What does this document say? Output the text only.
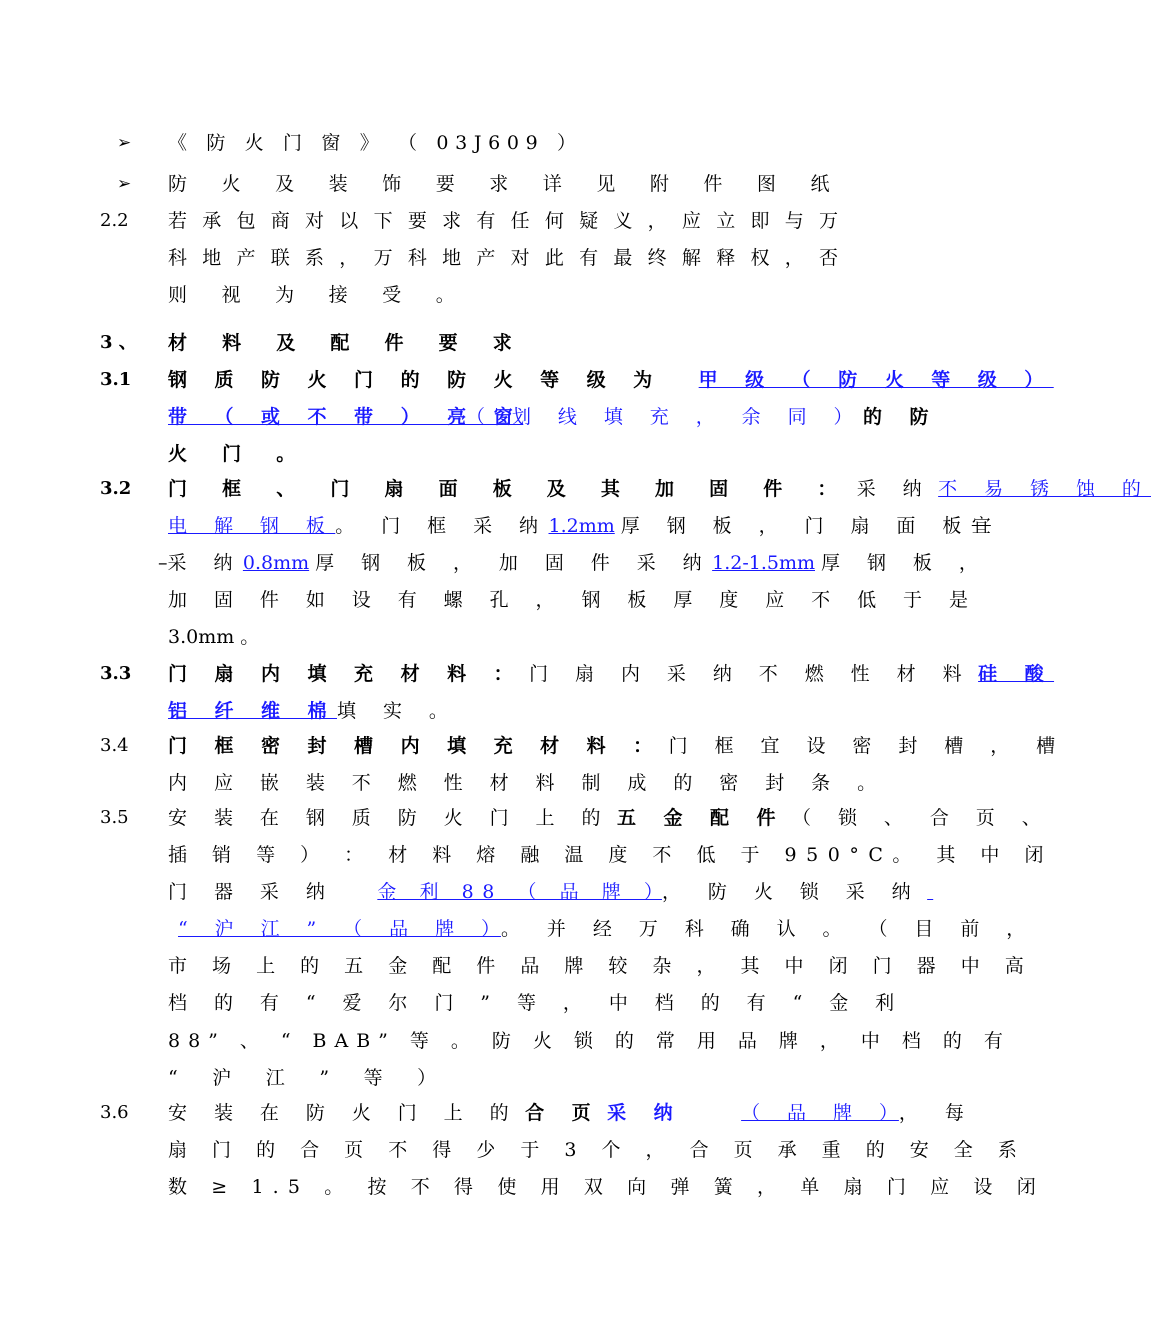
➢ 《 防 火 门 窗 》 （ 03J609 ）
➢ 防 火 及 装 饰 要 求 详 见 附 件 图 纸
2.2 若 承 包 商 对 以 下 要 求 有 任 何 疑 义 ， 应 立 即 与 万
科 地 产 联 系 ， 万 科 地 产 对 此 有 最 终 解 释 权 ， 否
则 视 为 接 受 。
3 、 材 料 及 配 件 要 求
3.1 钢 质 防 火 门 的 防 火 等 级 为 甲 级 （ 防 火 等 级 ）
带 （ 或 不 带 ） 亮 窗（ 划 线 填 充 ， 余 同 ）的 防
火 门 。
3.2 门 框 、 门 扇 面 板 及 其 加 固 件 ： 采 纳 不 易 锈 蚀 的
电 解 钢 板。 门 框 采 纳1.2mm 厚 钢 板 ， 门 扇 面 板宜
–采 纳0.8mm 厚 钢 板 ， 加 固 件 采 纳1.2-1.5mm 厚 钢 板 ，
加 固 件 如 设 有 螺 孔 ， 钢 板 厚 度 应 不 低 于 是
3.0mm 。
3.3 门 扇 内 填 充 材 料 ： 门 扇 内 采 纳 不 燃 性 材 料 硅 酸
铝 纤 维 棉填 实 。
3.4 门 框 密 封 槽 内 填 充 材 料 ： 门 框 宜 设 密 封 槽 ， 槽
内 应 嵌 装 不 燃 性 材 料 制 成 的 密 封 条 。
3.5 安 装 在 钢 质 防 火 门 上 的 五 金 配 件 （ 锁 、 合 页 、
插 销 等 ） ： 材 料 熔 融 温 度 不 低 于 950°C。 其 中 闭
门 器 采 纳 金 利 88 （ 品 牌 ）， 防 火 锁 采 纳
“ 沪 江 ” （ 品 牌 ）。 并 经 万 科 确 认 。 （ 目 前 ，
市 场 上 的 五 金 配 件 品 牌 较 杂 ， 其 中 闭 门 器 中 高
档 的 有 “ 爱 尔 门 ” 等 ， 中 档 的 有 “ 金 利
88” 、 “ BAB” 等 。 防 火 锁 的 常 用 品 牌 ， 中 档 的 有
“ 沪 江 ” 等 ）
3.6 安 装 在 防 火 门 上 的 合 页 采 纳	（ 品 牌 ）， 每
扇 门 的 合 页 不 得 少 于 3 个 ， 合 页 承 重 的 安 全 系
数 ≥ 1.5 。 按 不 得 使 用 双 向 弹 簧 ， 单 扇 门 应 设 闭
